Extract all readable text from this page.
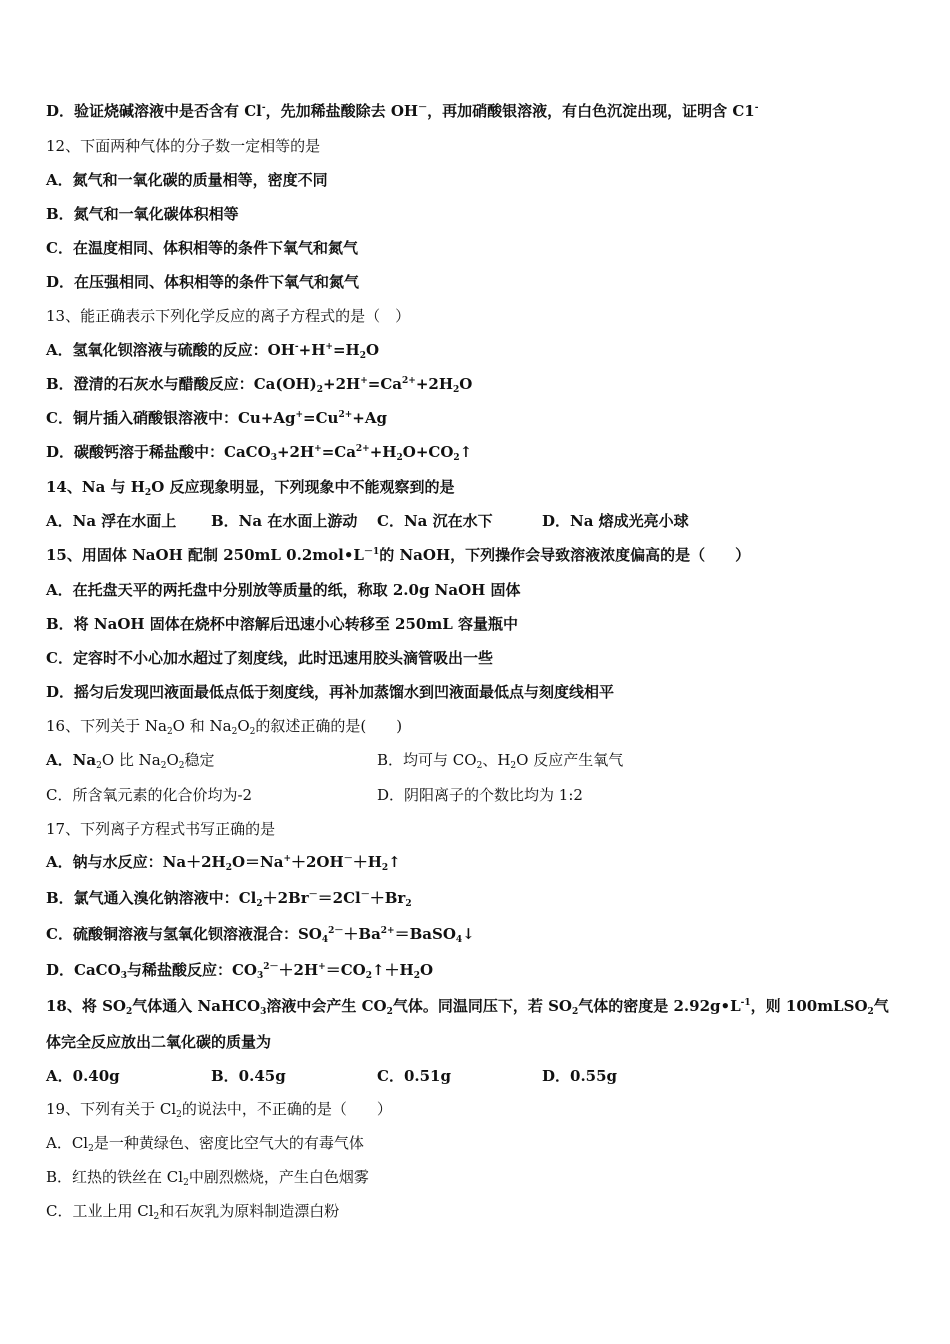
D．验证烧碱溶液中是否含有 Cl-，先加稀盐酸除去 OH－，再加硝酸银溶液，有白色沉淀出现，证明含 C1-
12、下面两种气体的分子数一定相等的是
A．氮气和一氧化碳的质量相等，密度不同
B．氮气和一氧化碳体积相等
C．在温度相同、体积相等的条件下氧气和氮气
D．在压强相同、体积相等的条件下氧气和氮气
13、能正确表示下列化学反应的离子方程式的是（　）
A．氢氧化钡溶液与硫酸的反应：$OH^-+H^+=H_2O$
B．澄清的石灰水与醋酸反应：$Ca(OH)_2+2H^+=Ca^{2+}+2H_2O$
C．铜片插入硝酸银溶液中：$Cu+Ag^+=Cu^{2+}+Ag$
D．碳酸钙溶于稀盐酸中：$CaCO_3+2H^+=Ca^{2+}+H_2O+CO_2↑$
14、Na 与 $H_2O$ 反应现象明显，下列现象中不能观察到的是
A．Na 浮在水面上 B．Na 在水面上游动 C．Na 沉在水下	D．Na 熔成光亮小球
15、用固体 NaOH 配制 250mL $0.2mol•L^{-1}$的 NaOH，下列操作会导致溶液浓度偏高的是（　　）
A．在托盘天平的两托盘中分别放等质量的纸，称取 2.0g NaOH 固体
B．将 NaOH 固体在烧杯中溶解后迅速小心转移至 250mL 容量瓶中
C．定容时不小心加水超过了刻度线，此时迅速用胶头滴管吸出一些
D．摇匀后发现凹液面最低点低于刻度线，再补加蒸馏水到凹液面最低点与刻度线相平
16、下列关于 $Na_2O$ 和 $Na_2O_2$的叙述正确的是(　　)
A．$Na_2O$ 比 $Na_2O_2$稳定	B．均可与 $CO_2$、$H_2O$ 反应产生氧气
C．所含氧元素的化合价均为-2	D．阴阳离子的个数比均为 1:2
17、下列离子方程式书写正确的是
A．钠与水反应：$Na+2H_2O=Na^++2OH^-+H_2↑$
B．氯气通入溴化钠溶液中：$Cl_2+2Br^-=2Cl^-+Br_2$
C．硫酸铜溶液与氢氧化钡溶液混合：$SO_4^{2-}+Ba^{2+}=BaSO_4↓$
D．CaCO$_3$与稀盐酸反应：$CO_3^{2-}+2H^+=CO_2↑+H_2O$
18、将 $SO_2$气体通入 NaHCO$_3$溶液中会产生 $CO_2$气体。同温同压下，若 $SO_2$气体的密度是 $2.92g•L^{-1}$，则 100mLSO$_2$气
体完全反应放出二氧化碳的质量为
A．0.40g	B．0.45g	C．0.51g	D．0.55g
19、下列有关于 $Cl_2$的说法中，不正确的是（　　）
A．$Cl_2$是一种黄绿色、密度比空气大的有毒气体
B．红热的铁丝在 $Cl_2$中剧烈燃烧，产生白色烟雾
C．工业上用 $Cl_2$和石灰乳为原料制造漂白粉
